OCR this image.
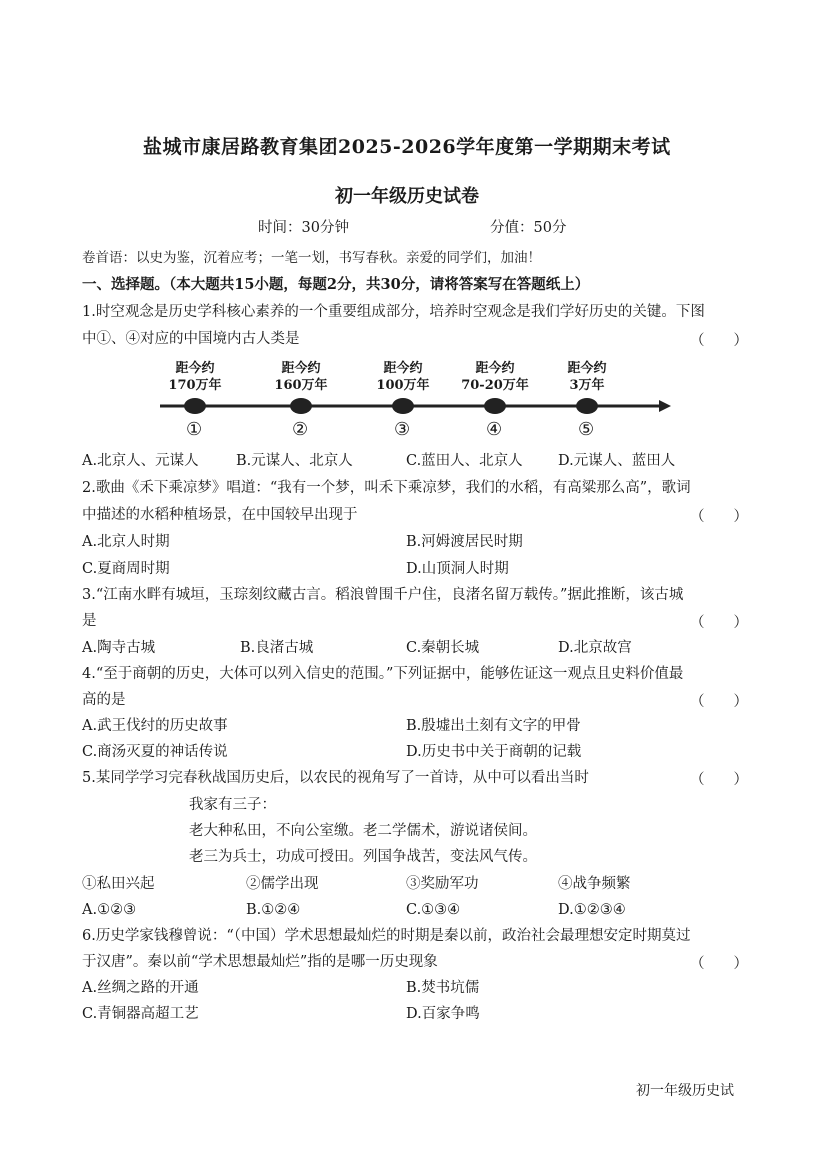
盐城市康居路教育集团2025-2026学年度第一学期期末考试
初一年级历史试卷
时间：30分钟	分值：50分
卷首语：以史为鉴，沉着应考；一笔一划，书写春秋。亲爱的同学们，加油！
一、选择题。（本大题共15小题，每题2分，共30分，请将答案写在答题纸上）
1.时空观念是历史学科核心素养的一个重要组成部分，培养时空观念是我们学好历史的关键。下图
中①、④对应的中国境内古人类是	（　　）
距今约
170万年
距今约
160万年
距今约
100万年
距今约
70-20万年
距今约
3万年
①	②	③	④	⑤
A.北京人、元谋人	B.元谋人、北京人	C.蓝田人、北京人 D.元谋人、蓝田人
2.歌曲《禾下乘凉梦》唱道：“我有一个梦，叫禾下乘凉梦，我们的水稻，有高粱那么高”，歌词
中描述的水稻种植场景，在中国较早出现于	（　　）
A.北京人时期	B.河姆渡居民时期
C.夏商周时期	D.山顶洞人时期
3.“江南水畔有城垣，玉琮刻纹藏古言。稻浪曾围千户住，良渚名留万载传。”据此推断，该古城
是	（　　）
A.陶寺古城	B.良渚古城	C.秦朝长城	D.北京故宫
4.“至于商朝的历史，大体可以列入信史的范围。”下列证据中，能够佐证这一观点且史料价值最
高的是	（　　）
A.武王伐纣的历史故事	B.殷墟出土刻有文字的甲骨
C.商汤灭夏的神话传说	D.历史书中关于商朝的记载
5.某同学学习完春秋战国历史后，以农民的视角写了一首诗，从中可以看出当时	（　　）
我家有三子：
老大种私田，不向公室缴。老二学儒术，游说诸侯间。
老三为兵士，功成可授田。列国争战苦，变法风气传。
①私田兴起	②儒学出现	③奖励军功	④战争频繁
A.①②③	B.①②④	C.①③④	D.①②③④
6.历史学家钱穆曾说：“（中国）学术思想最灿烂的时期是秦以前，政治社会最理想安定时期莫过
于汉唐”。秦以前“学术思想最灿烂”指的是哪一历史现象	（　　）
A.丝绸之路的开通	B.焚书坑儒
C.青铜器高超工艺	D.百家争鸣
初一年级历史试
